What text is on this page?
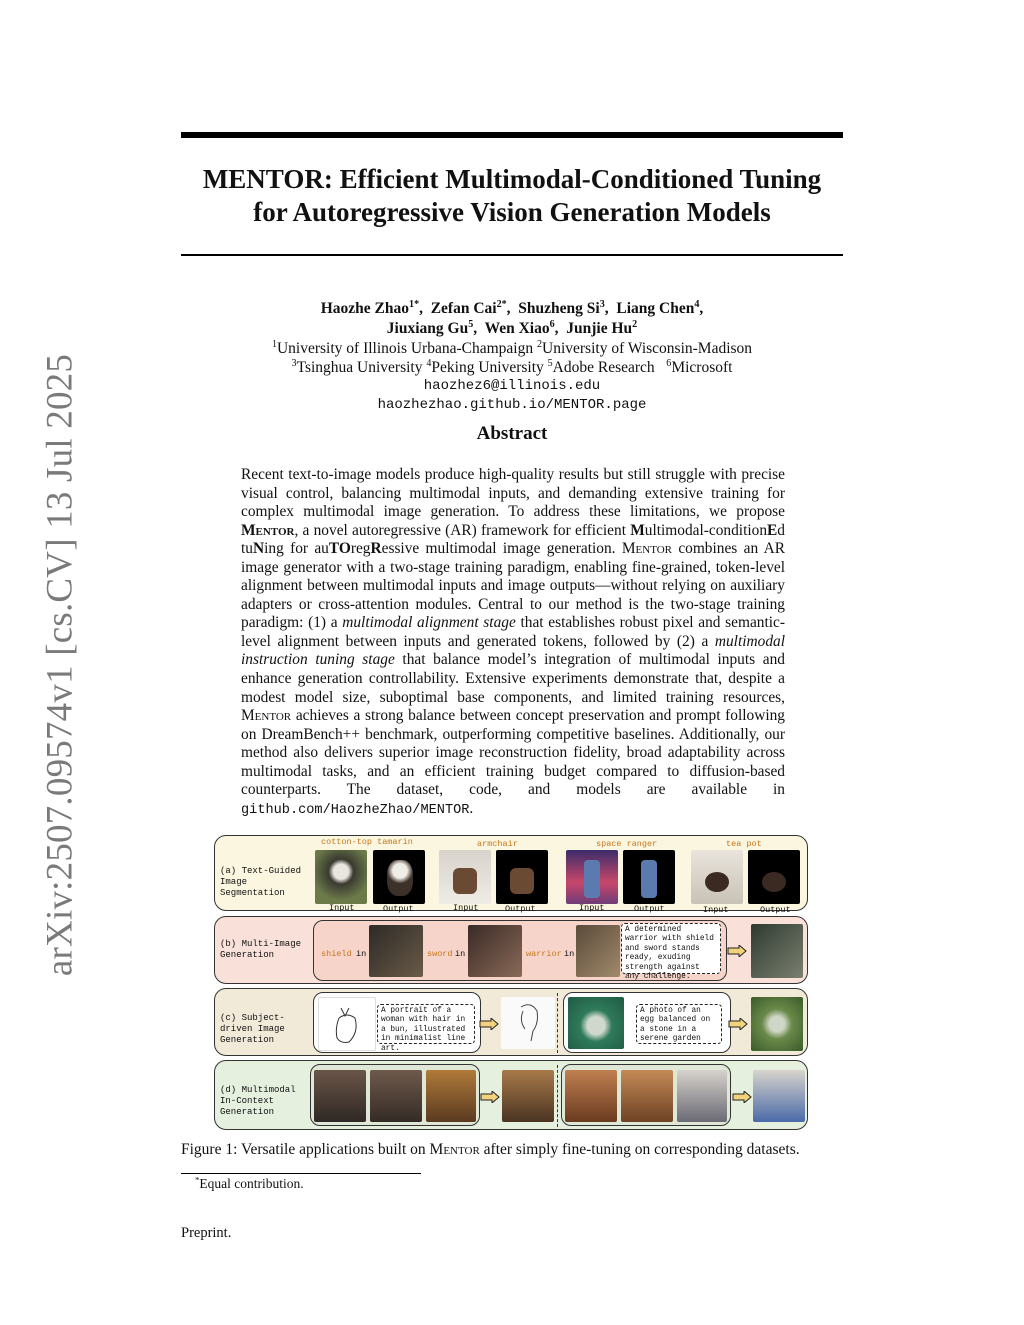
arXiv:2507.09574v1 [cs.CV] 13 Jul 2025
MENTOR: Efficient Multimodal-Conditioned Tuning
for Autoregressive Vision Generation Models
Haozhe Zhao$^{1*}$,  Zefan Cai$^{2*}$,  Shuzheng Si$^3$,  Liang Chen$^4$,
Jiuxiang Gu$^5$,  Wen Xiao$^6$,  Junjie Hu$^2$
$^1$University of Illinois Urbana-Champaign $^2$University of Wisconsin-Madison
$^3$Tsinghua University $^4$Peking University $^5$Adobe Research $^6$Microsoft
haozhez6@illinois.edu
haozhezhao.github.io/MENTOR.page
Abstract

Recent text-to-image models produce high-quality results but still struggle with precise visual control, balancing multimodal inputs, and demanding extensive training for complex multimodal image generation. To address these limitations, we propose Mentor, a novel autoregressive (AR) framework for efficient Multimodal-conditionEd tuNing for auTOregRessive multimodal image generation. Mentor combines an AR image generator with a two-stage training paradigm, enabling fine-grained, token-level alignment between multimodal inputs and image outputs—without relying on auxiliary adapters or cross-attention modules. Central to our method is the two-stage training paradigm: (1) a multimodal alignment stage that establishes robust pixel and semantic-level alignment between inputs and generated tokens, followed by (2) a multimodal instruction tuning stage that balance model’s integration of multimodal inputs and enhance generation controllability. Extensive experiments demonstrate that, despite a modest model size, suboptimal base components, and limited training resources, Mentor achieves a strong balance between concept preservation and prompt following on DreamBench++ benchmark, outperforming competitive baselines. Additionally, our method also delivers superior image reconstruction fidelity, broad adaptability across multimodal tasks, and an efficient training budget compared to diffusion-based counterparts. The dataset, code, and models are available in github.com/HaozheZhao/MENTOR.

(a) Text-Guided Image Segmentation
cotton-top tamarin	armchair	space ranger	tea pot
Input	Output	Input	Output	Input	Output	Input	Output
(b) Multi-Image Generation	shield in	sword in	warrior in
A determined warrior with shield and sword stands ready, exuding strength against any challenge.
(c) Subject-driven Image Generation
A portrait of a woman with hair in a bun, illustrated in minimalist line art.
A photo of an egg balanced on a stone in a serene garden
(d) Multimodal In-Context Generation
Figure 1: Versatile applications built on Mentor after simply fine-tuning on corresponding datasets.
*Equal contribution.
Preprint.
